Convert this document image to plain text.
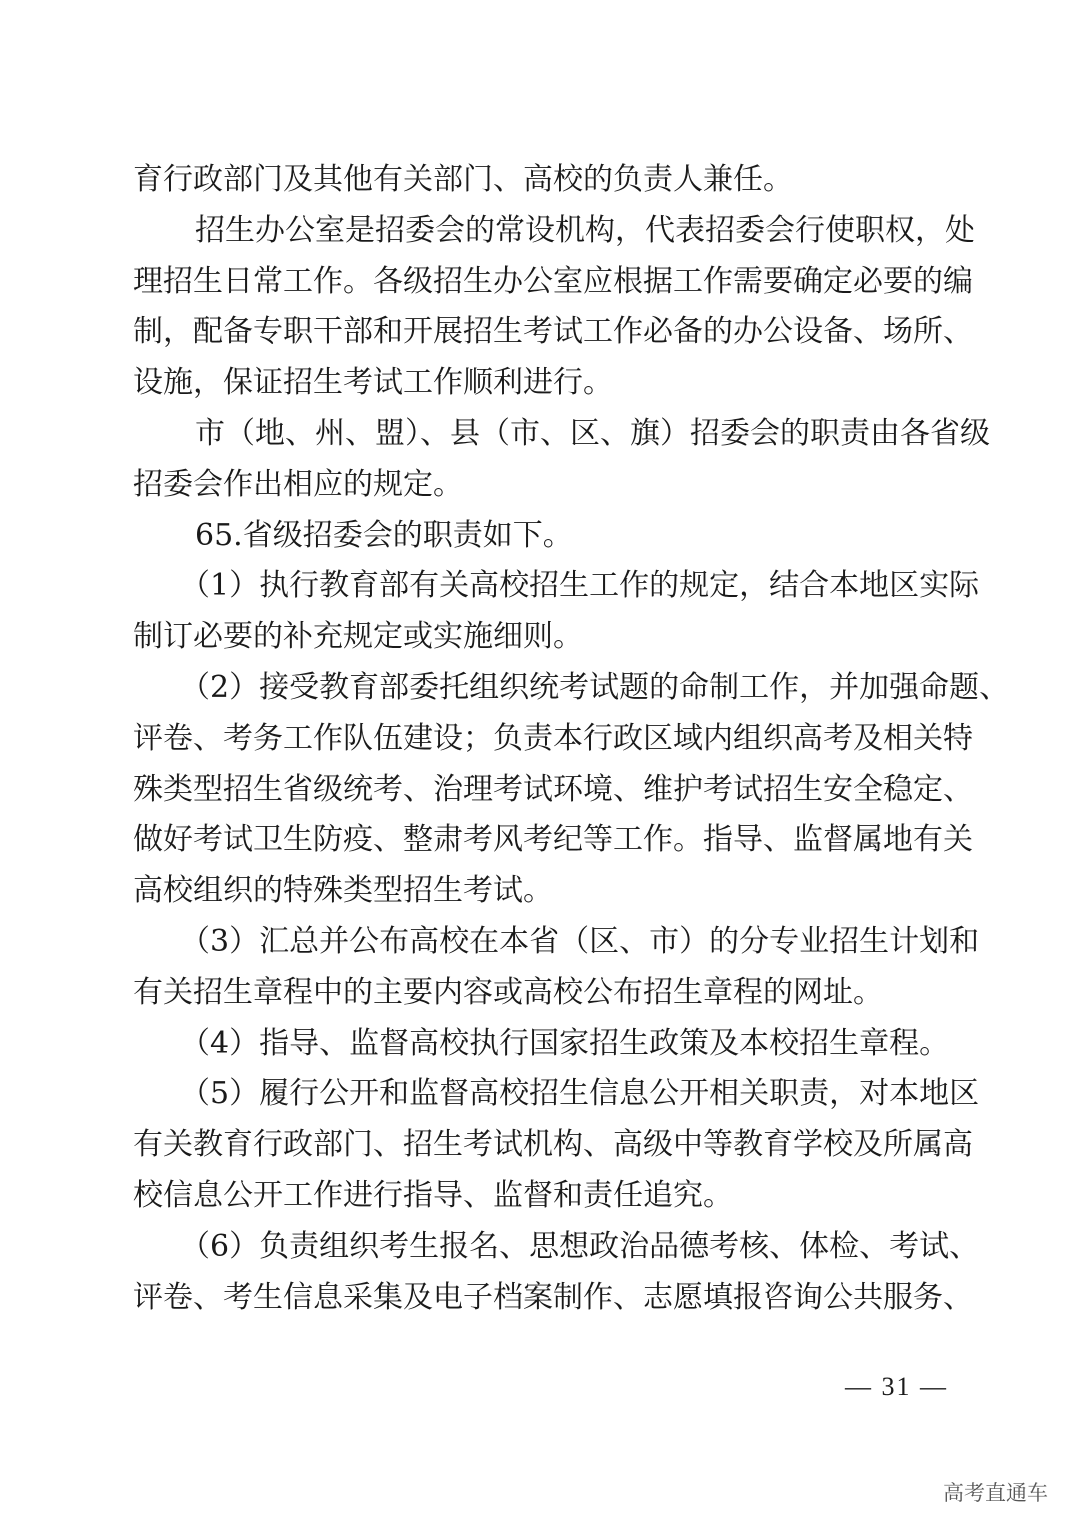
育行政部门及其他有关部门、高校的负责人兼任。
招生办公室是招委会的常设机构，代表招委会行使职权，处
理招生日常工作。各级招生办公室应根据工作需要确定必要的编
制，配备专职干部和开展招生考试工作必备的办公设备、场所、
设施，保证招生考试工作顺利进行。
市（地、州、盟）、县（市、区、旗）招委会的职责由各省级
招委会作出相应的规定。
65.省级招委会的职责如下。
（1）执行教育部有关高校招生工作的规定，结合本地区实际
制订必要的补充规定或实施细则。
（2）接受教育部委托组织统考试题的命制工作，并加强命题、
评卷、考务工作队伍建设；负责本行政区域内组织高考及相关特
殊类型招生省级统考、治理考试环境、维护考试招生安全稳定、
做好考试卫生防疫、整肃考风考纪等工作。指导、监督属地有关
高校组织的特殊类型招生考试。
（3）汇总并公布高校在本省（区、市）的分专业招生计划和
有关招生章程中的主要内容或高校公布招生章程的网址。
（4）指导、监督高校执行国家招生政策及本校招生章程。
（5）履行公开和监督高校招生信息公开相关职责，对本地区
有关教育行政部门、招生考试机构、高级中等教育学校及所属高
校信息公开工作进行指导、监督和责任追究。
（6）负责组织考生报名、思想政治品德考核、体检、考试、
评卷、考生信息采集及电子档案制作、志愿填报咨询公共服务、
— 31 —
高考直通车
